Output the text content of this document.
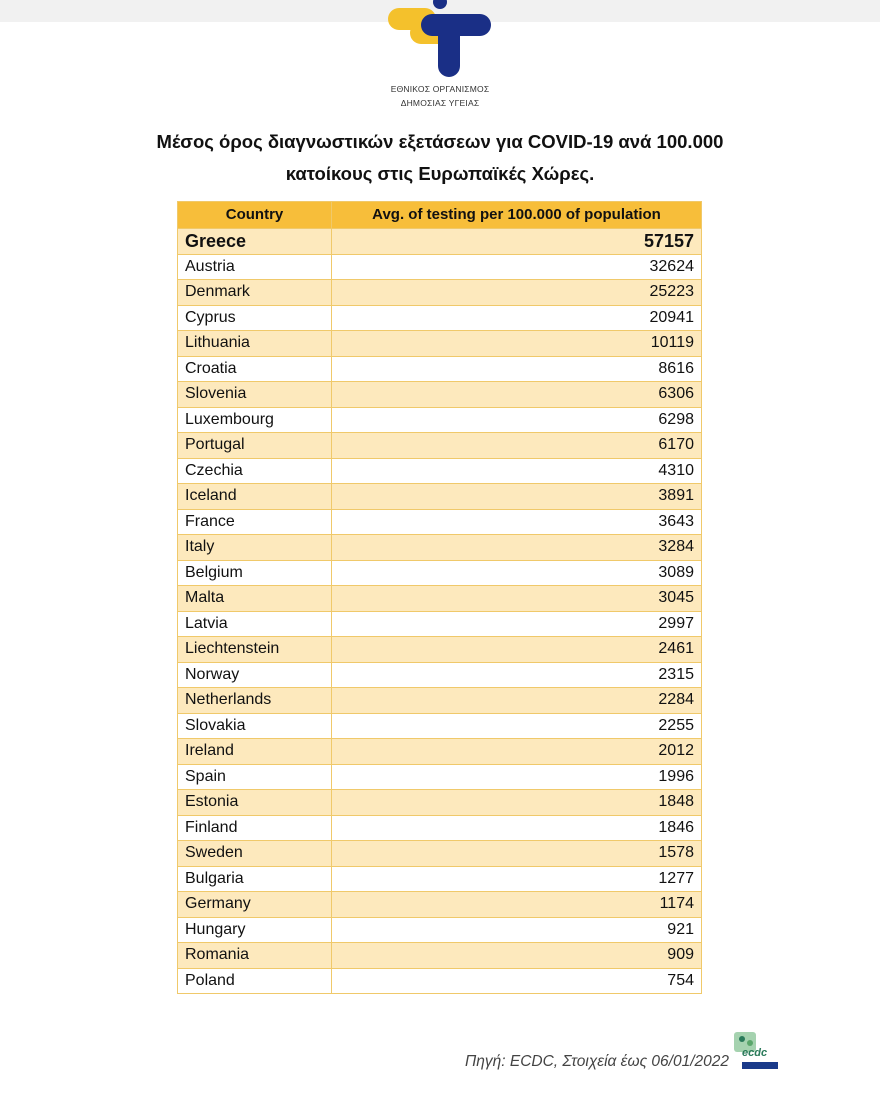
ΕΘΝΙΚΟΣ ΟΡΓΑΝΙΣΜΟΣ
ΔΗΜΟΣΙΑΣ ΥΓΕΙΑΣ
Μέσος όρος διαγνωστικών εξετάσεων για COVID-19 ανά 100.000
κατοίκους στις Ευρωπαϊκές Χώρες.
Country	Avg. of testing per 100.000 of population
Greece	57157
Austria	32624
Denmark	25223
Cyprus	20941
Lithuania	10119
Croatia	8616
Slovenia	6306
Luxembourg	6298
Portugal	6170
Czechia	4310
Iceland	3891
France	3643
Italy	3284
Belgium	3089
Malta	3045
Latvia	2997
Liechtenstein	2461
Norway	2315
Netherlands	2284
Slovakia	2255
Ireland	2012
Spain	1996
Estonia	1848
Finland	1846
Sweden	1578
Bulgaria	1277
Germany	1174
Hungary	921
Romania	909
Poland	754
Πηγή: ECDC, Στοιχεία έως 06/01/2022 ecdc
